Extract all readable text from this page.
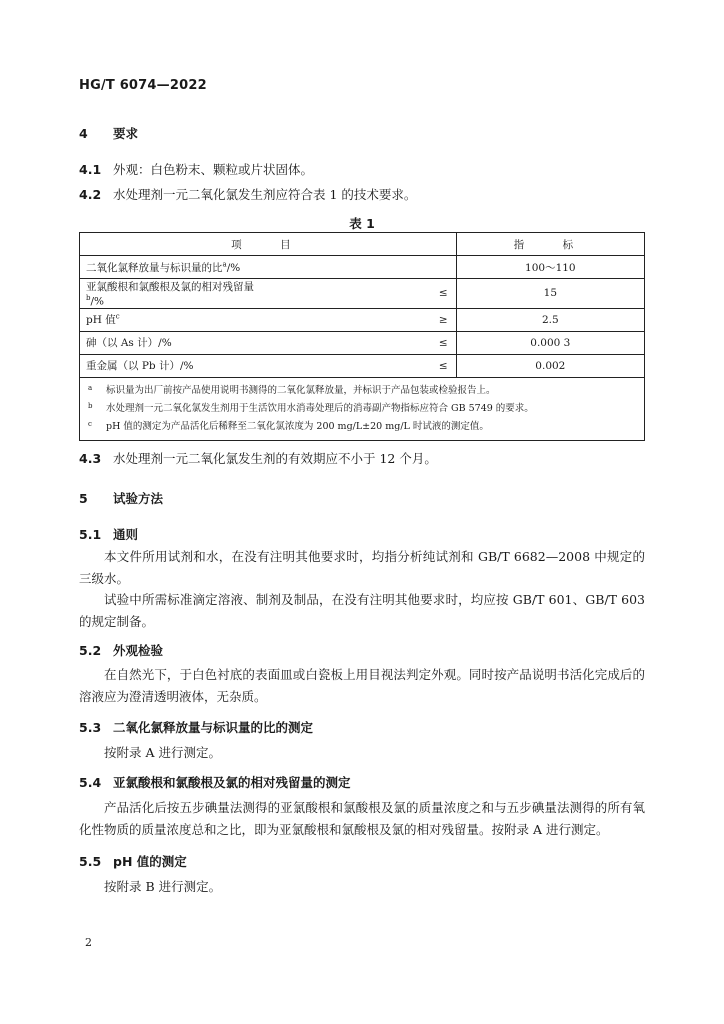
HG/T 6074—2022
4 要求
4.1 外观：白色粉末、颗粒或片状固体。
4.2 水处理剂一元二氧化氯发生剂应符合表 1 的技术要求。
表 1
项　目		指　标
二氧化氯释放量与标识量的比$^a$/%		100～110
亚氯酸根和氯酸根及氯的相对残留量$^b$/%	≤	15
pH 值$^c$	≥	2.5
砷（以 As 计）/%	≤	0.000 3
重金属（以 Pb 计）/%	≤	0.002

a 标识量为出厂前按产品使用说明书测得的二氧化氯释放量，并标识于产品包装或检验报告上。
b 水处理剂一元二氧化氯发生剂用于生活饮用水消毒处理后的消毒副产物指标应符合 GB 5749 的要求。
c pH 值的测定为产品活化后稀释至二氧化氯浓度为 200 mg/L±20 mg/L 时试液的测定值。		
4.3 水处理剂一元二氧化氯发生剂的有效期应不小于 12 个月。
5 试验方法
5.1 通则
本文件所用试剂和水，在没有注明其他要求时，均指分析纯试剂和 GB/T 6682—2008 中规定的三级水。
试验中所需标准滴定溶液、制剂及制品，在没有注明其他要求时，均应按 GB/T 601、GB/T 603 的规定制备。
5.2 外观检验
在自然光下，于白色衬底的表面皿或白瓷板上用目视法判定外观。同时按产品说明书活化完成后的溶液应为澄清透明液体，无杂质。
5.3 二氧化氯释放量与标识量的比的测定
按附录 A 进行测定。
5.4 亚氯酸根和氯酸根及氯的相对残留量的测定
产品活化后按五步碘量法测得的亚氯酸根和氯酸根及氯的质量浓度之和与五步碘量法测得的所有氧化性物质的质量浓度总和之比，即为亚氯酸根和氯酸根及氯的相对残留量。按附录 A 进行测定。
5.5 pH 值的测定
按附录 B 进行测定。
2
